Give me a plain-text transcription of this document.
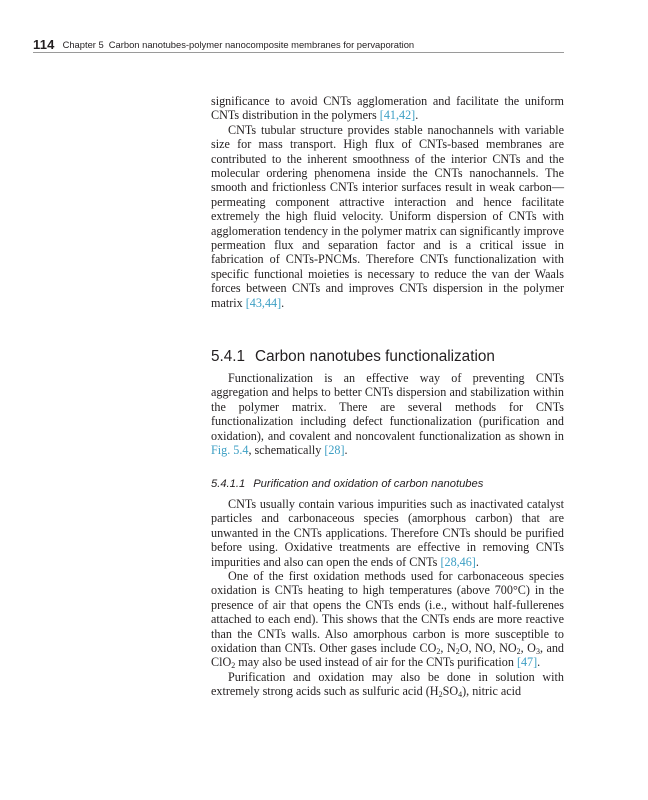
114 Chapter 5 Carbon nanotubes-polymer nanocomposite membranes for pervaporation

significance to avoid CNTs agglomeration and facilitate the uniform CNTs distribution in the polymers [41,42].

CNTs tubular structure provides stable nanochannels with variable size for mass transport. High flux of CNTs-based membranes are contributed to the inherent smoothness of the interior CNTs and the molecular ordering phenomena inside the CNTs nanochannels. The smooth and frictionless CNTs interior surfaces result in weak carbon—permeating component attractive interaction and hence facilitate extremely the high fluid velocity. Uniform dispersion of CNTs with agglomeration tendency in the polymer matrix can significantly improve permeation flux and separation factor and is a critical issue in fabrication of CNTs-PNCMs. Therefore CNTs functionalization with specific functional moieties is necessary to reduce the van der Waals forces between CNTs and improves CNTs dispersion in the polymer matrix [43,44].

5.4.1 Carbon nanotubes functionalization

Functionalization is an effective way of preventing CNTs aggregation and helps to better CNTs dispersion and stabilization within the polymer matrix. There are several methods for CNTs functionalization including defect functionalization (purification and oxidation), and covalent and noncovalent functionalization as shown in Fig. 5.4, schematically [28].

5.4.1.1 Purification and oxidation of carbon nanotubes

CNTs usually contain various impurities such as inactivated catalyst particles and carbonaceous species (amorphous carbon) that are unwanted in the CNTs applications. Therefore CNTs should be purified before using. Oxidative treatments are effective in removing CNTs impurities and also can open the ends of CNTs [28,46].

One of the first oxidation methods used for carbonaceous species oxidation is CNTs heating to high temperatures (above 700°C) in the presence of air that opens the CNTs ends (i.e., without half-fullerenes attached to each end). This shows that the CNTs ends are more reactive than the CNTs walls. Also amorphous carbon is more susceptible to oxidation than CNTs. Other gases include $CO_2$, $N_2O$, NO, $NO_2$, $O_3$, and ClO$_2$ may also be used instead of air for the CNTs purification [47].

Purification and oxidation may also be done in solution with extremely strong acids such as sulfuric acid $(H_2SO_4)$, nitric acid
